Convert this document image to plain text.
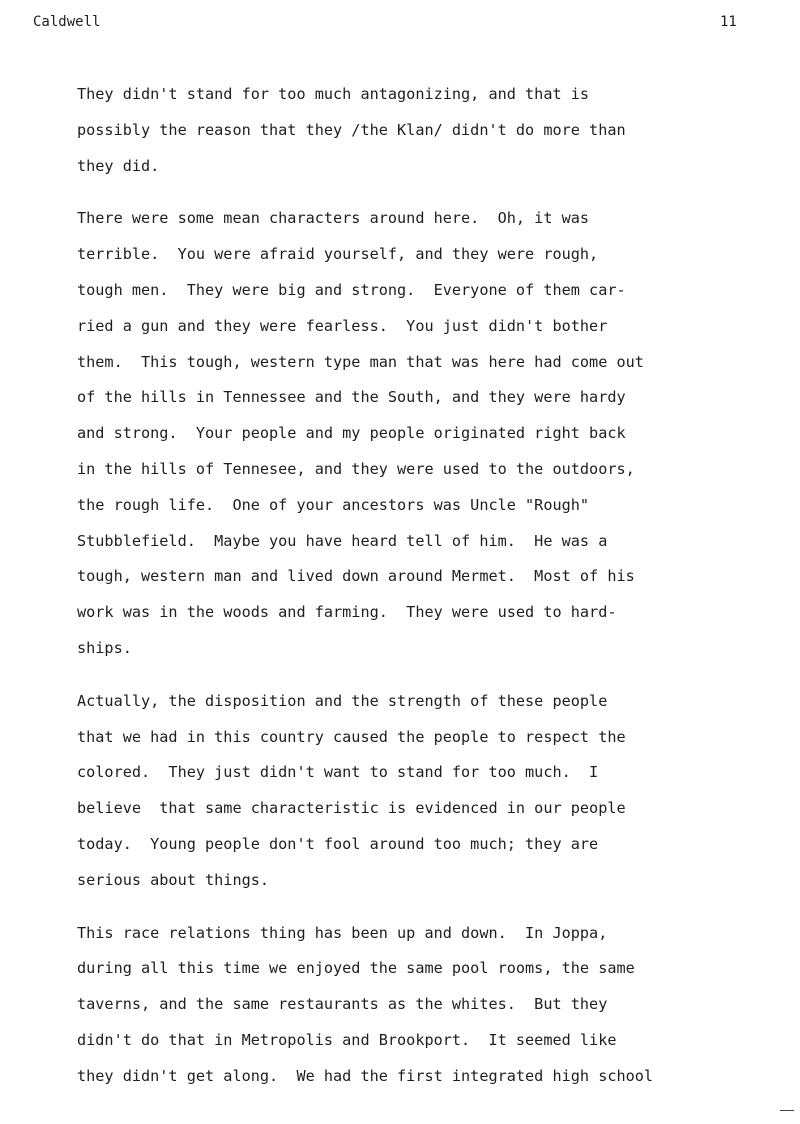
Caldwell	11
They didn't stand for too much antagonizing, and that is
possibly the reason that they /the Klan/ didn't do more than
they did.
There were some mean characters around here.  Oh, it was
terrible.  You were afraid yourself, and they were rough,
tough men.  They were big and strong.  Everyone of them car-
ried a gun and they were fearless.  You just didn't bother
them.  This tough, western type man that was here had come out
of the hills in Tennessee and the South, and they were hardy
and strong.  Your people and my people originated right back
in the hills of Tennesee, and they were used to the outdoors,
the rough life.  One of your ancestors was Uncle "Rough"
Stubblefield.  Maybe you have heard tell of him.  He was a
tough, western man and lived down around Mermet.  Most of his
work was in the woods and farming.  They were used to hard-
ships.
Actually, the disposition and the strength of these people
that we had in this country caused the people to respect the
colored.  They just didn't want to stand for too much.  I
believe  that same characteristic is evidenced in our people
today.  Young people don't fool around too much; they are
serious about things.
This race relations thing has been up and down.  In Joppa,
during all this time we enjoyed the same pool rooms, the same
taverns, and the same restaurants as the whites.  But they
didn't do that in Metropolis and Brookport.  It seemed like
they didn't get along.  We had the first integrated high school
